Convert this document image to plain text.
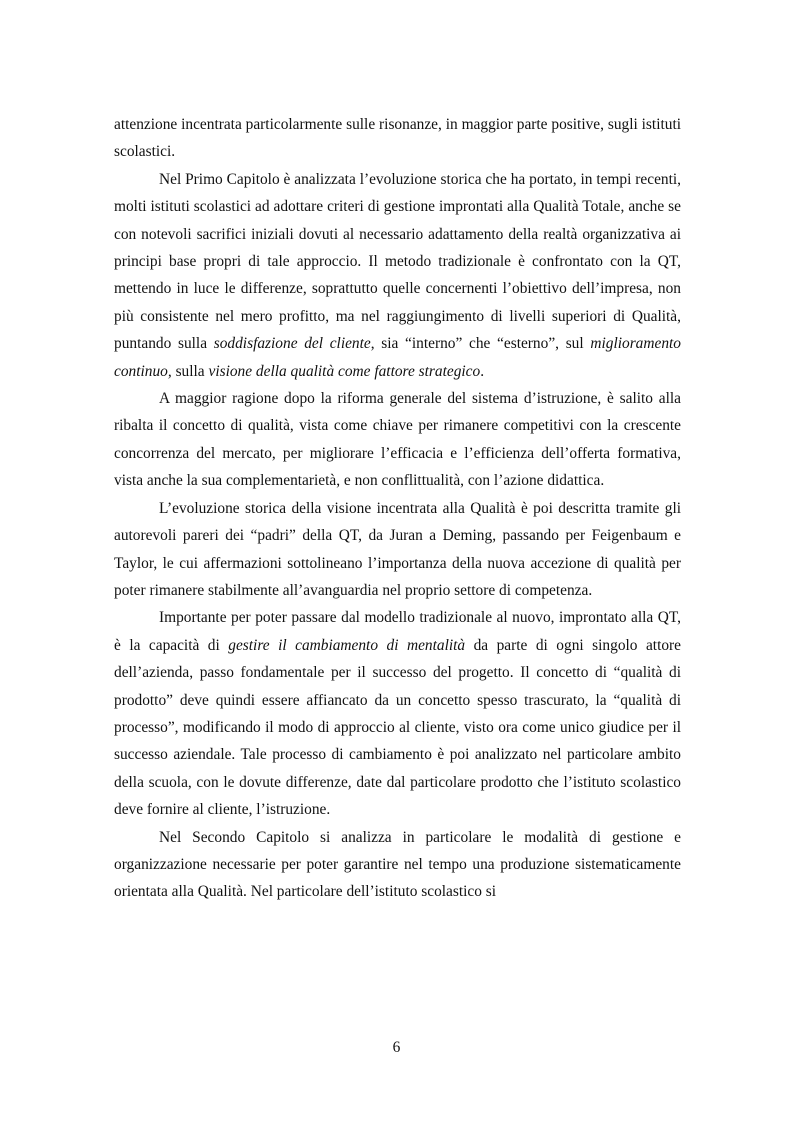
attenzione incentrata particolarmente sulle risonanze, in maggior parte positive, sugli istituti scolastici.

Nel Primo Capitolo è analizzata l’evoluzione storica che ha portato, in tempi recenti, molti istituti scolastici ad adottare criteri di gestione improntati alla Qualità Totale, anche se con notevoli sacrifici iniziali dovuti al necessario adattamento della realtà organizzativa ai principi base propri di tale approccio. Il metodo tradizionale è confrontato con la QT, mettendo in luce le differenze, soprattutto quelle concernenti l’obiettivo dell’impresa, non più consistente nel mero profitto, ma nel raggiungimento di livelli superiori di Qualità, puntando sulla soddisfazione del cliente, sia “interno” che “esterno”, sul miglioramento continuo, sulla visione della qualità come fattore strategico.

A maggior ragione dopo la riforma generale del sistema d’istruzione, è salito alla ribalta il concetto di qualità, vista come chiave per rimanere competitivi con la crescente concorrenza del mercato, per migliorare l’efficacia e l’efficienza dell’offerta formativa, vista anche la sua complementarietà, e non conflittualità, con l’azione didattica.

L’evoluzione storica della visione incentrata alla Qualità è poi descritta tramite gli autorevoli pareri dei “padri” della QT, da Juran a Deming, passando per Feigenbaum e Taylor, le cui affermazioni sottolineano l’importanza della nuova accezione di qualità per poter rimanere stabilmente all’avanguardia nel proprio settore di competenza.

Importante per poter passare dal modello tradizionale al nuovo, improntato alla QT, è la capacità di gestire il cambiamento di mentalità da parte di ogni singolo attore dell’azienda, passo fondamentale per il successo del progetto. Il concetto di “qualità di prodotto” deve quindi essere affiancato da un concetto spesso trascurato, la “qualità di processo”, modificando il modo di approccio al cliente, visto ora come unico giudice per il successo aziendale. Tale processo di cambiamento è poi analizzato nel particolare ambito della scuola, con le dovute differenze, date dal particolare prodotto che l’istituto scolastico deve fornire al cliente, l’istruzione.

Nel Secondo Capitolo si analizza in particolare le modalità di gestione e organizzazione necessarie per poter garantire nel tempo una produzione sistematicamente orientata alla Qualità. Nel particolare dell’istituto scolastico si

6
